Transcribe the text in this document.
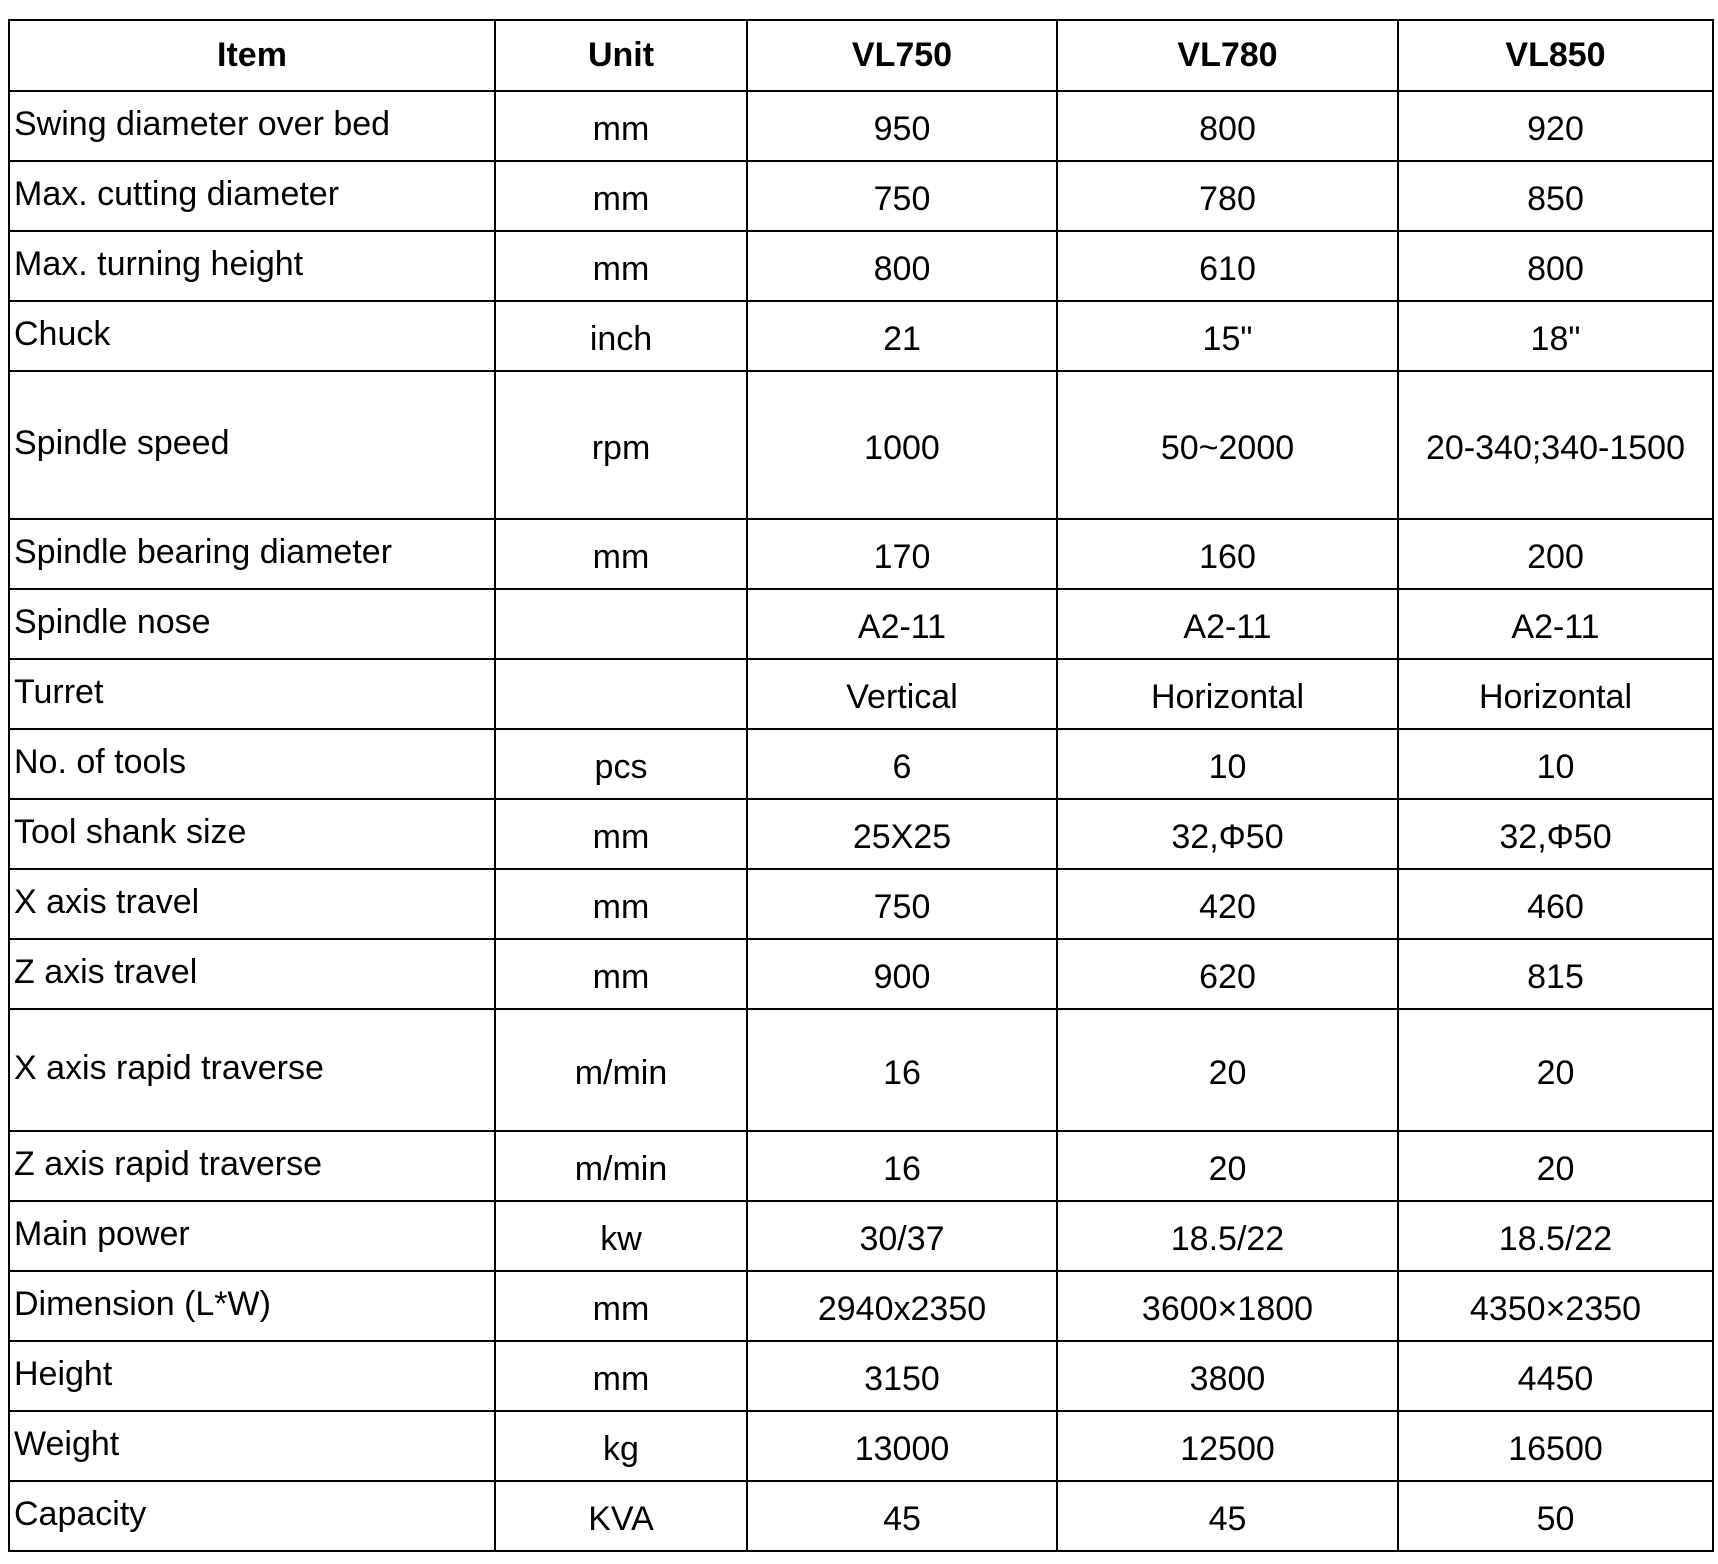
Item	Unit	VL750	VL780	VL850
Swing diameter over bed	mm	950	800	920
Max. cutting diameter	mm	750	780	850
Max. turning height	mm	800	610	800
Chuck	inch	21	15"	18"
Spindle speed	rpm	1000	50~2000	20-340;340-1500
Spindle bearing diameter	mm	170	160	200
Spindle nose		A2-11	A2-11	A2-11
Turret		Vertical	Horizontal	Horizontal
No. of tools	pcs	6	10	10
Tool shank size	mm	25X25	32,Φ50	32,Φ50
X axis travel	mm	750	420	460
Z axis travel	mm	900	620	815
X axis rapid traverse	m/min	16	20	20
Z axis rapid traverse	m/min	16	20	20
Main power	kw	30/37	18.5/22	18.5/22
Dimension (L*W)	mm	2940x2350	3600×1800	4350×2350
Height	mm	3150	3800	4450
Weight	kg	13000	12500	16500
Capacity	KVA	45	45	50
